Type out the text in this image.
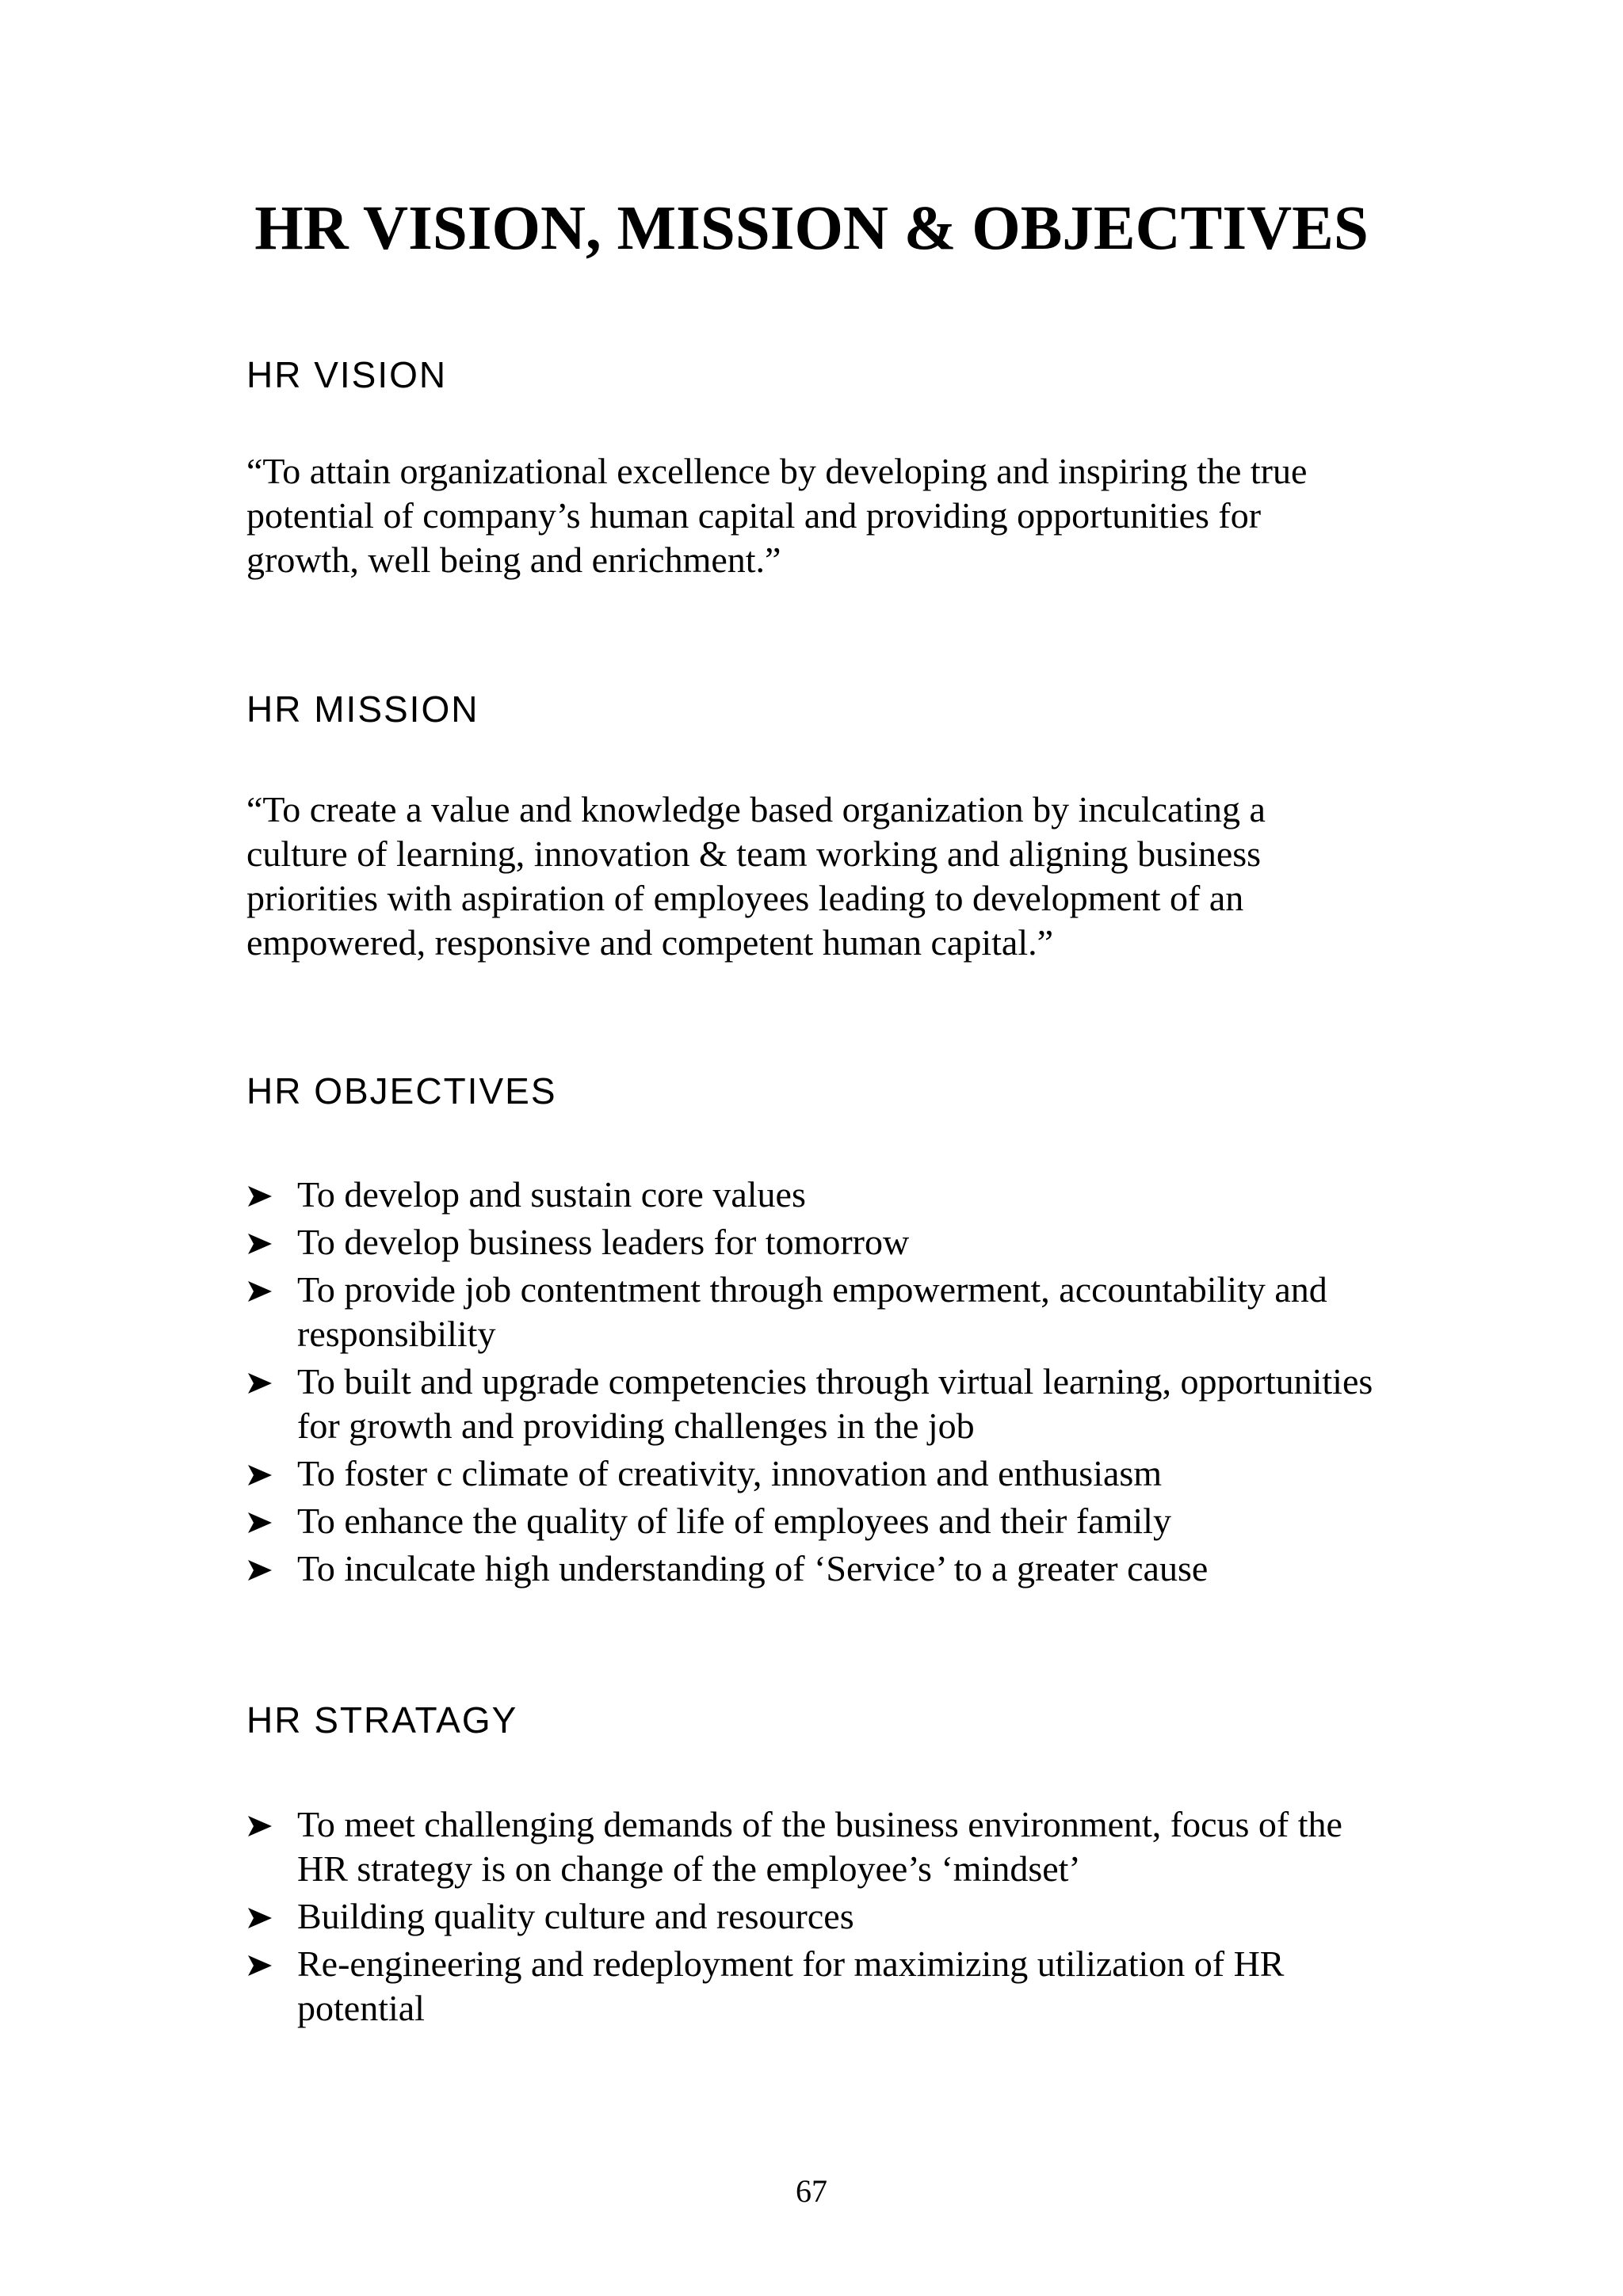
HR VISION, MISSION & OBJECTIVES
HR VISION

“To attain organizational excellence by developing and inspiring the true potential of company’s human capital and providing opportunities for growth, well being and enrichment.”

HR MISSION

“To create a value and knowledge based organization by inculcating a culture of learning, innovation & team working and aligning business priorities with aspiration of employees leading to development of an empowered, responsive and competent human capital.”

HR OBJECTIVES
To develop and sustain core values
To develop business leaders for tomorrow
To provide job contentment through empowerment, accountability and responsibility
To built and upgrade competencies through virtual learning, opportunities for growth and providing challenges in the job
To foster c climate of creativity, innovation and enthusiasm
To enhance the quality of life of employees and their family
To inculcate high understanding of ‘Service’ to a greater cause
HR STRATAGY
To meet challenging demands of the business environment, focus of the HR strategy is on change of the employee’s ‘mindset’
Building quality culture and resources
Re-engineering and redeployment for maximizing utilization of HR potential
67
